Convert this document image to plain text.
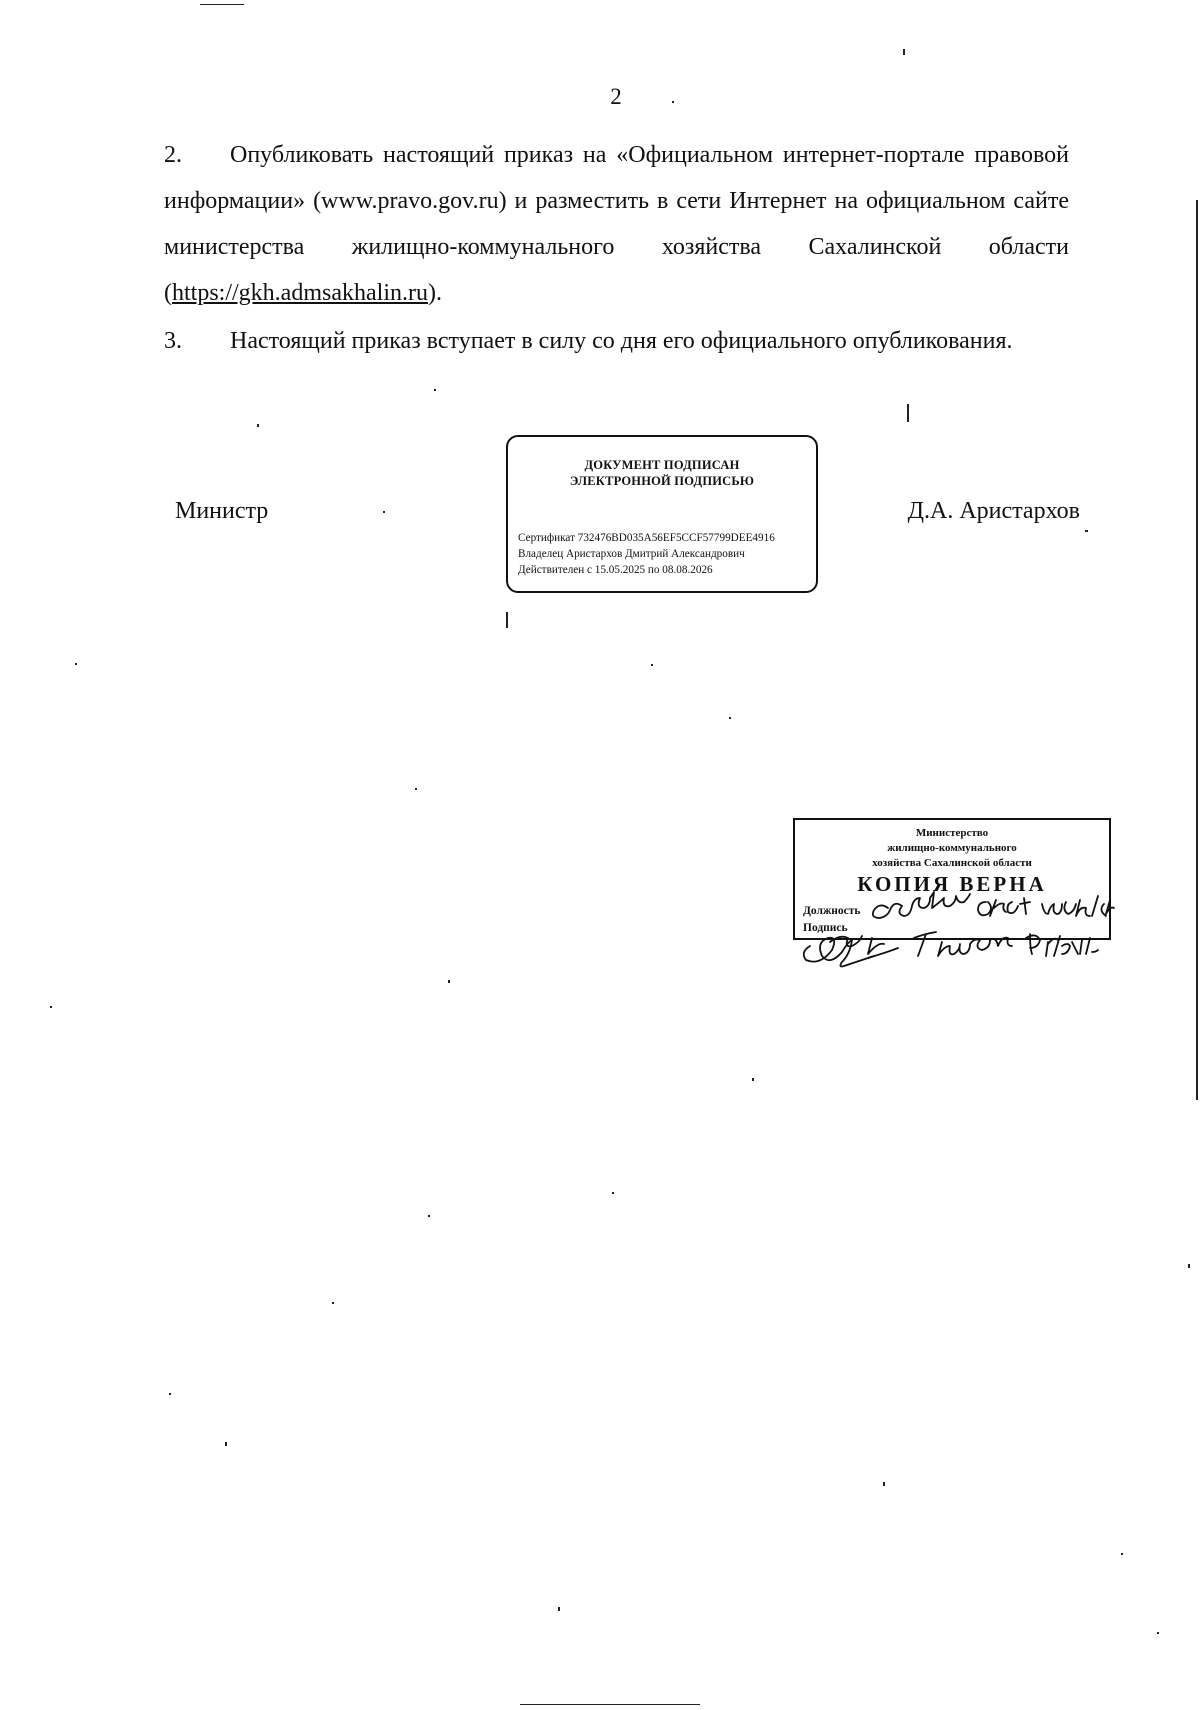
2
2. Опубликовать настоящий приказ на «Официальном интернет-портале правовой информации» (www.pravo.gov.ru) и разместить в сети Интернет на официальном сайте министерства жилищно-коммунального хозяйства Сахалинской области (https://gkh.admsakhalin.ru).
3. Настоящий приказ вступает в силу со дня его официального опубликования.
Министр	Д.А. Аристархов
ДОКУМЕНТ ПОДПИСАН
ЭЛЕКТРОННОЙ ПОДПИСЬЮ
Сертификат 732476BD035A56EF5CCF57799DEE4916
Владелец Аристархов Дмитрий Александрович
Действителен с 15.05.2025 по 08.08.2026
Министерство
жилищно-коммунального
хозяйства Сахалинской области
КОПИЯ ВЕРНА
Должность
Подпись
